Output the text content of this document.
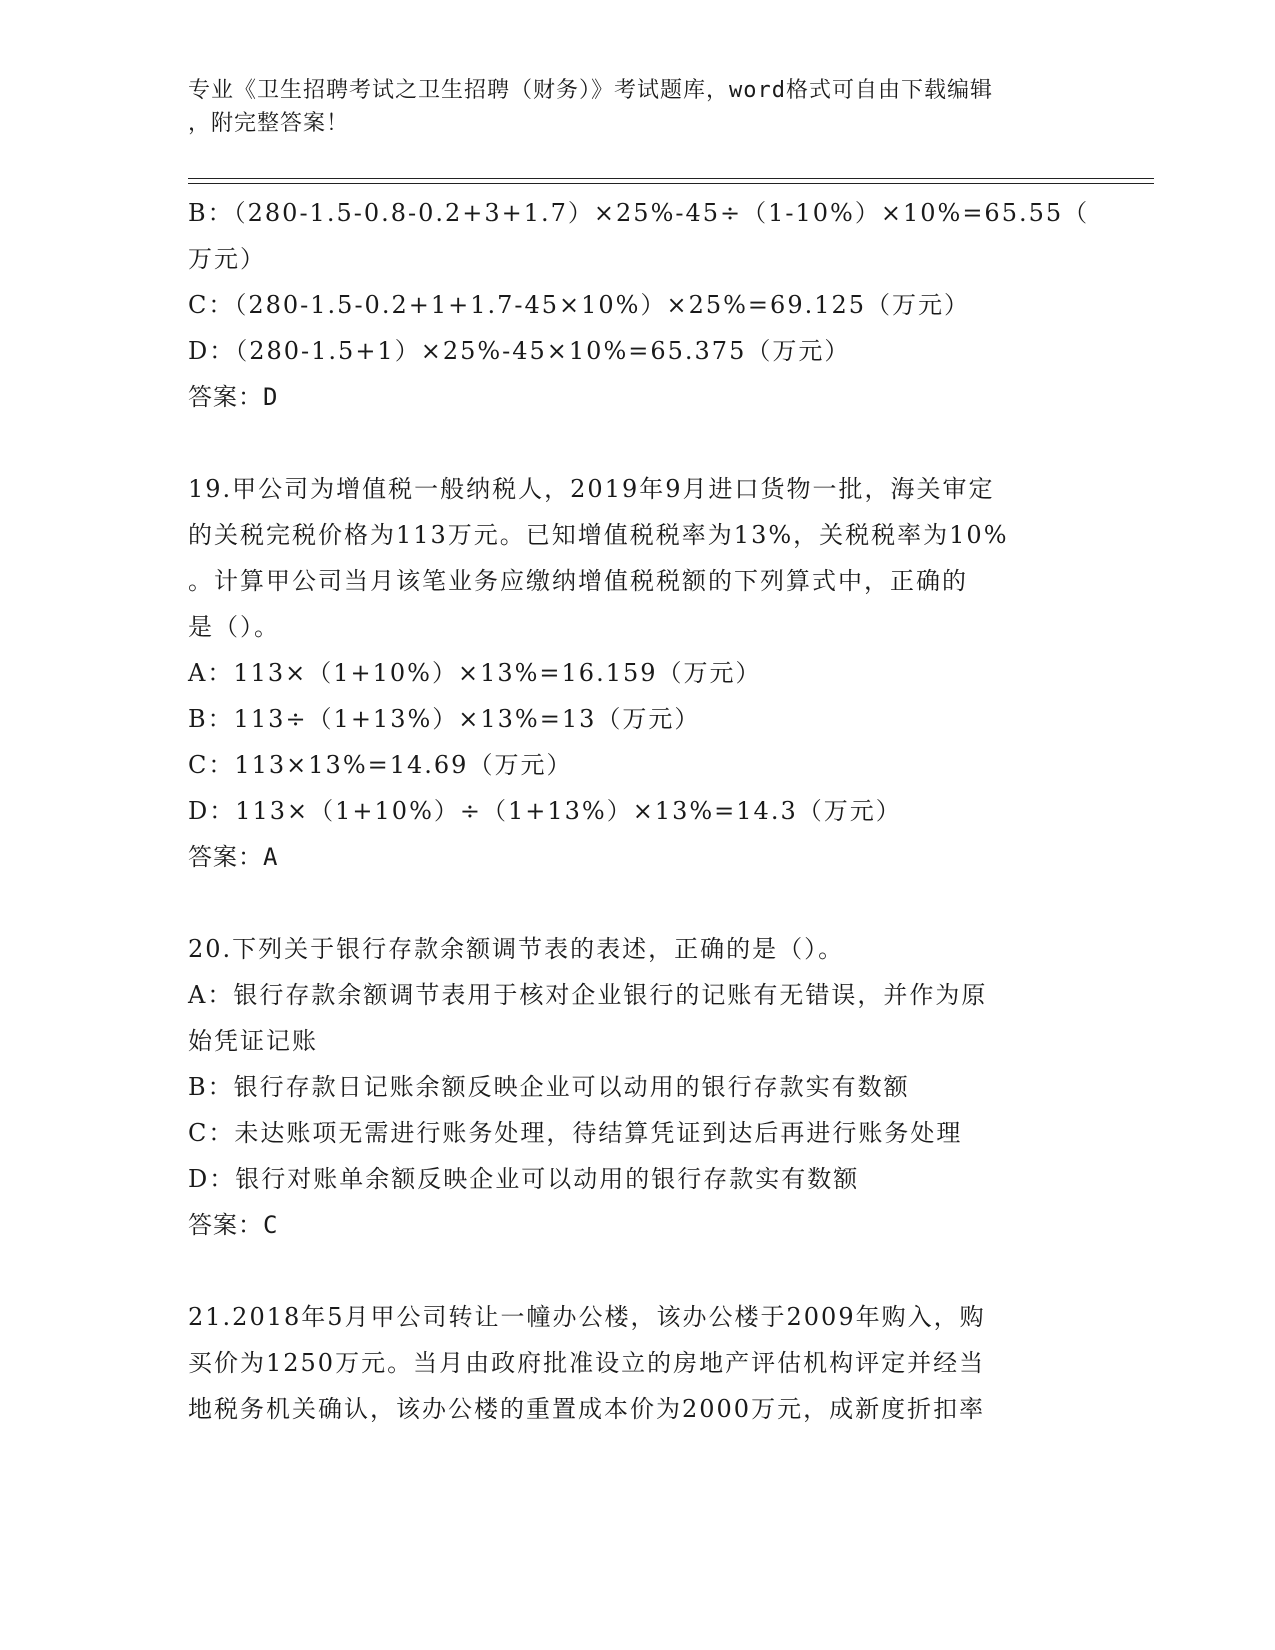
专业《卫生招聘考试之卫生招聘（财务）》考试题库，word格式可自由下载编辑
，附完整答案！
B：（280-1.5-0.8-0.2+3+1.7）×25%-45÷（1-10%）×10%=65.55（
万元）
C：（280-1.5-0.2+1+1.7-45×10%）×25%=69.125（万元）
D：（280-1.5+1）×25%-45×10%=65.375（万元）
答案：D
19.甲公司为增值税一般纳税人，2019年9月进口货物一批，海关审定
的关税完税价格为113万元。已知增值税税率为13%，关税税率为10%
。计算甲公司当月该笔业务应缴纳增值税税额的下列算式中，正确的
是（）。
A：113×（1+10%）×13%=16.159（万元）
B：113÷（1+13%）×13%=13（万元）
C：113×13%=14.69（万元）
D：113×（1+10%）÷（1+13%）×13%=14.3（万元）
答案：A
20.下列关于银行存款余额调节表的表述，正确的是（）。
A：银行存款余额调节表用于核对企业银行的记账有无错误，并作为原
始凭证记账
B：银行存款日记账余额反映企业可以动用的银行存款实有数额
C：未达账项无需进行账务处理，待结算凭证到达后再进行账务处理
D：银行对账单余额反映企业可以动用的银行存款实有数额
答案：C
21.2018年5月甲公司转让一幢办公楼，该办公楼于2009年购入，购
买价为1250万元。当月由政府批准设立的房地产评估机构评定并经当
地税务机关确认，该办公楼的重置成本价为2000万元，成新度折扣率
